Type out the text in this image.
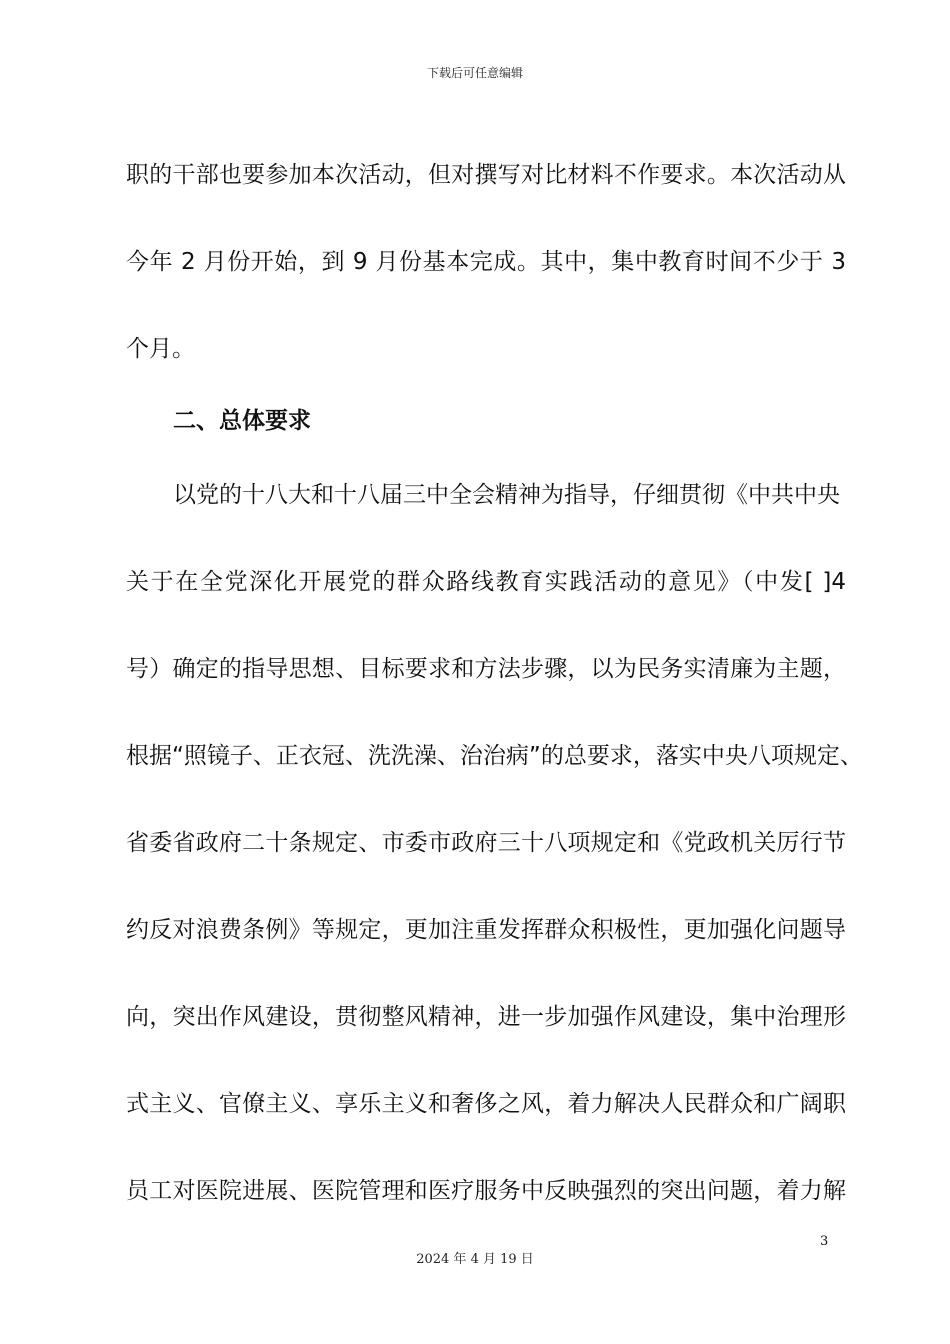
下载后可任意编辑
职的干部也要参加本次活动，但对撰写对比材料不作要求。本次活动从
今年 2 月份开始，到 9 月份基本完成。其中，集中教育时间不少于 3
个月。
二、总体要求
以党的十八大和十八届三中全会精神为指导，仔细贯彻《中共中央
关于在全党深化开展党的群众路线教育实践活动的意见》（中发[ ]4
号）确定的指导思想、目标要求和方法步骤，以为民务实清廉为主题，
根据“照镜子、正衣冠、洗洗澡、治治病”的总要求，落实中央八项规定、
省委省政府二十条规定、市委市政府三十八项规定和《党政机关厉行节
约反对浪费条例》等规定，更加注重发挥群众积极性，更加强化问题导
向，突出作风建设，贯彻整风精神，进一步加强作风建设，集中治理形
式主义、官僚主义、享乐主义和奢侈之风，着力解决人民群众和广阔职
员工对医院进展、医院管理和医疗服务中反映强烈的突出问题，着力解
3
2024 年 4 月 19 日
